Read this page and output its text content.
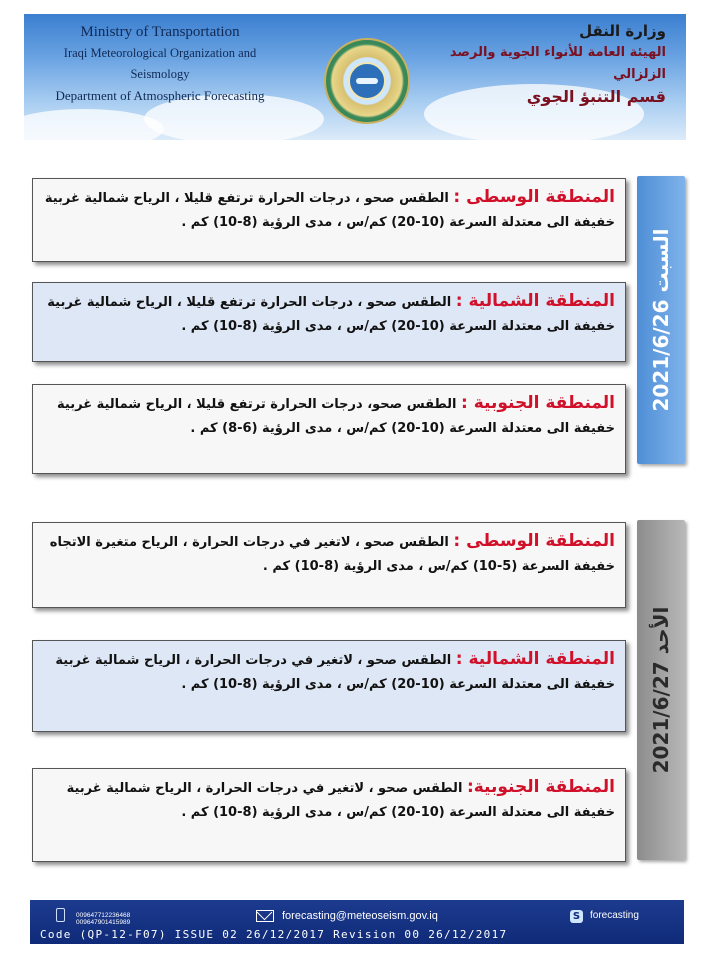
Ministry of Transportation
Iraqi Meteorological Organization and Seismology
Department of Atmospheric Forecasting
وزارة النقل
الهيئة العامة للأنواء الجوية والرصد الزلزالي
قسم التنبؤ الجوي
السبت 2021/6/26
المنطقة الوسطى : الطقس صحو ، درجات الحرارة ترتفع قليلا ، الرياح شمالية غربية خفيفة الى معتدلة السرعة (10-20) كم/س ، مدى الرؤية (8-10) كم .
المنطقة الشمالية : الطقس صحو ، درجات الحرارة ترتفع قليلا ، الرياح شمالية غربية خفيفة الى معتدلة السرعة (10-20) كم/س ، مدى الرؤية (8-10) كم .
المنطقة الجنوبية : الطقس صحو، درجات الحرارة ترتفع قليلا ، الرياح شمالية غربية خفيفة الى معتدلة السرعة (10-20) كم/س ، مدى الرؤية (6-8) كم .
الأحد 2021/6/27
المنطقة الوسطى : الطقس صحو ، لاتغير في درجات الحرارة ، الرياح متغيرة الاتجاه خفيفة السرعة (5-10) كم/س ، مدى الرؤية (8-10) كم .
المنطقة الشمالية : الطقس صحو ، لاتغير في درجات الحرارة ، الرياح شمالية غربية خفيفة الى معتدلة السرعة (10-20) كم/س ، مدى الرؤية (8-10) كم .
المنطقة الجنوبية: الطقس صحو ، لاتغير في درجات الحرارة ، الرياح شمالية غربية خفيفة الى معتدلة السرعة (10-20) كم/س ، مدى الرؤية (8-10) كم .
009647712236468
009647901415989
forecasting@meteoseism.gov.iq	S forecasting
Code (QP-12-F07) ISSUE 02 26/12/2017 Revision 00 26/12/2017
